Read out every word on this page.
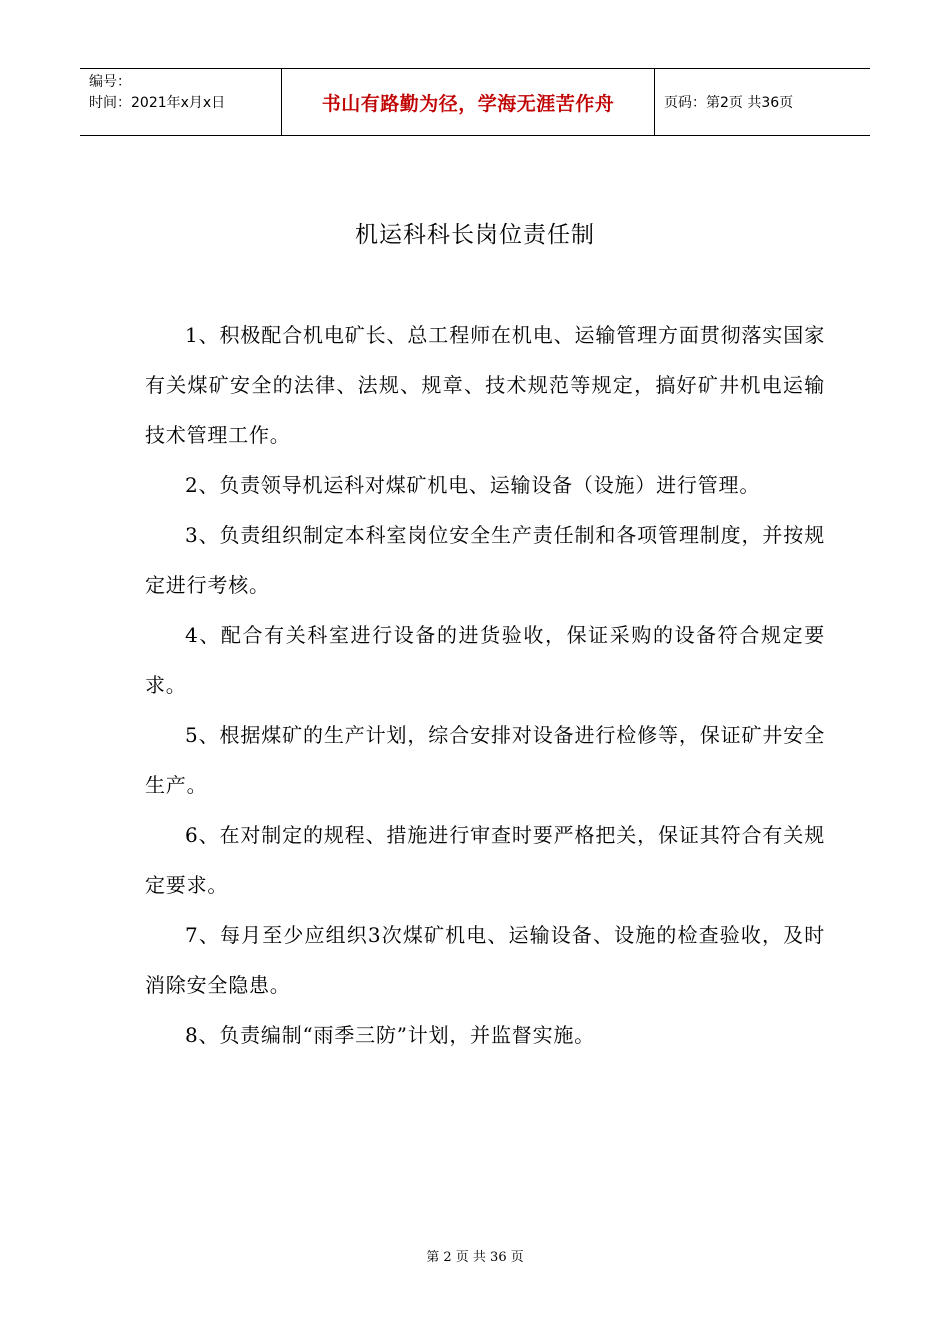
编号：
时间：2021年x月x日	书山有路勤为径，学海无涯苦作舟	页码：第2页 共36页
机运科科长岗位责任制

1、积极配合机电矿长、总工程师在机电、运输管理方面贯彻落实国家有关煤矿安全的法律、法规、规章、技术规范等规定，搞好矿井机电运输技术管理工作。

2、负责领导机运科对煤矿机电、运输设备（设施）进行管理。

3、负责组织制定本科室岗位安全生产责任制和各项管理制度，并按规定进行考核。

4、配合有关科室进行设备的进货验收，保证采购的设备符合规定要求。

5、根据煤矿的生产计划，综合安排对设备进行检修等，保证矿井安全生产。

6、在对制定的规程、措施进行审查时要严格把关，保证其符合有关规定要求。

7、每月至少应组织3次煤矿机电、运输设备、设施的检查验收，及时消除安全隐患。

8、负责编制“雨季三防”计划，并监督实施。

第 2 页 共 36 页
